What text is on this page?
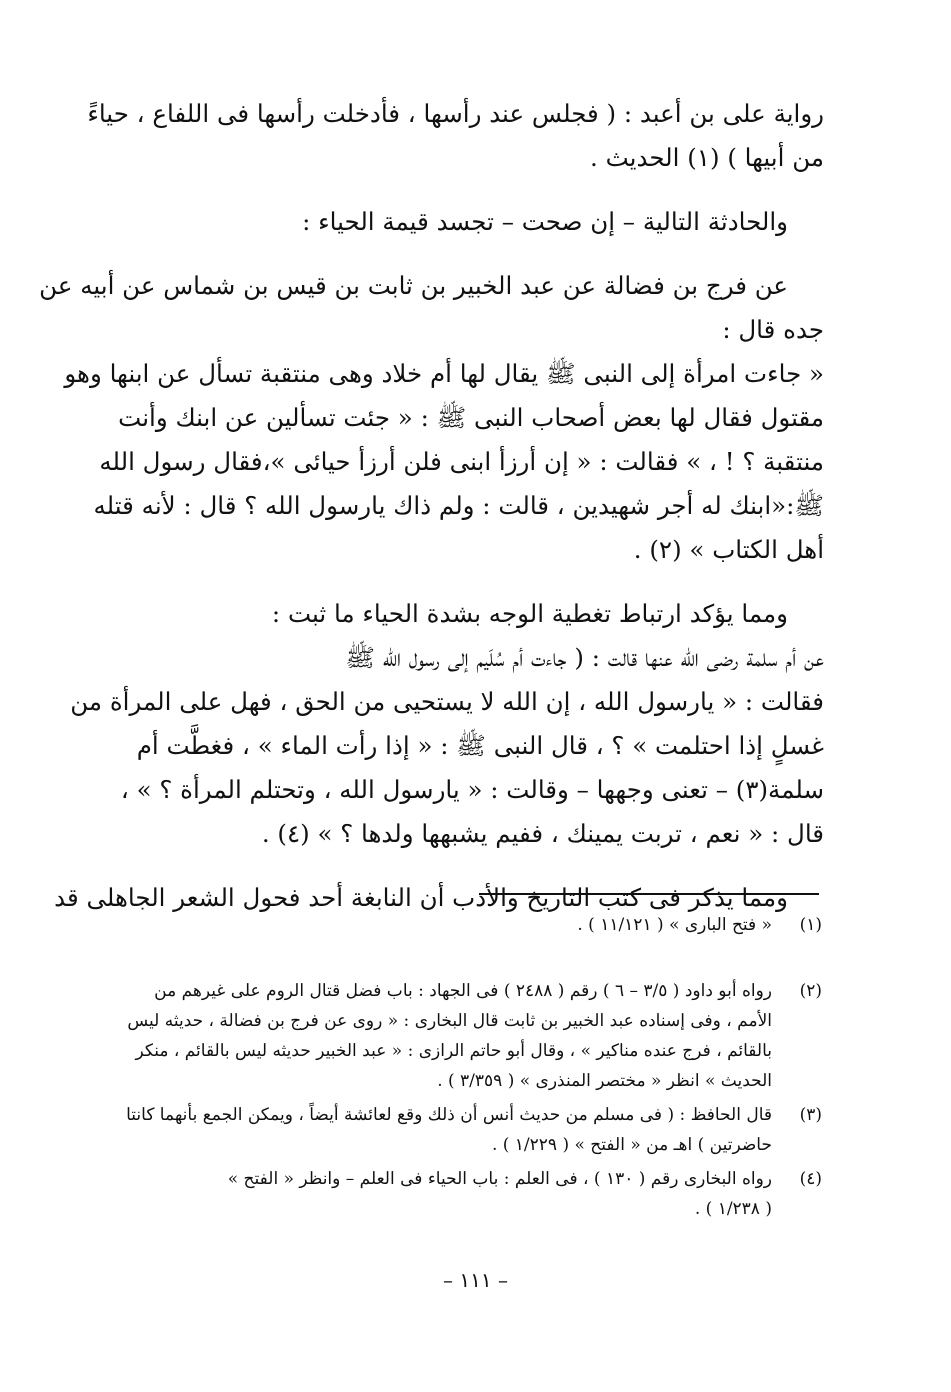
رواية على بن أعبد : ( فجلس عند رأسها ، فأدخلت رأسها فى اللفاع ، حياءً
من أبيها ) (١) الحديث .
والحادثة التالية – إن صحت – تجسد قيمة الحياء :
عن فرج بن فضالة عن عبد الخبير بن ثابت بن قيس بن شماس عن أبيه عن
جده قال :
« جاءت امرأة إلى النبى ﷺ يقال لها أم خلاد وهى منتقبة تسأل عن ابنها وهو
مقتول فقال لها بعض أصحاب النبى ﷺ : « جئت تسألين عن ابنك وأنت
منتقبة ؟ ! ، » فقالت : « إن أرزأ ابنى فلن أرزأ حيائى »،فقال رسول الله
ﷺ:«ابنك له أجر شهيدين ، قالت : ولم ذاك يارسول الله ؟ قال : لأنه قتله
أهل الكتاب » (٢) .
ومما يؤكد ارتباط تغطية الوجه بشدة الحياء ما ثبت :
عن أم سلمة رضى الله عنها قالت : ( جاءت أم سُلَيم إلى رسول الله ﷺ
فقالت : « يارسول الله ، إن الله لا يستحيى من الحق ، فهل على المرأة من
غسلٍ إذا احتلمت » ؟ ، قال النبى ﷺ : « إذا رأت الماء » ، فغطَّت أم
سلمة(٣) – تعنى وجهها – وقالت : « يارسول الله ، وتحتلم المرأة ؟ » ،
قال : « نعم ، تربت يمينك ، ففيم يشبهها ولدها ؟ » (٤) .
ومما يذكر فى كتب التاريخ والأدب أن النابغة أحد فحول الشعر الجاهلى قد
(١)
« فتح البارى » ( ١١/١٢١ ) .
(٢)
رواه أبو داود ( ٣/٥ – ٦ ) رقم ( ٢٤٨٨ ) فى الجهاد : باب فضل قتال الروم على غيرهم من
الأمم ، وفى إسناده عبد الخبير بن ثابت قال البخارى : « روى عن فرج بن فضالة ، حديثه ليس
بالقائم ، فرج عنده مناكير » ، وقال أبو حاتم الرازى : « عبد الخبير حديثه ليس بالقائم ، منكر
الحديث » انظر « مختصر المنذرى » ( ٣/٣٥٩ ) .
(٣)
قال الحافظ : ( فى مسلم من حديث أنس أن ذلك وقع لعائشة أيضاً ، ويمكن الجمع بأنهما كانتا
حاضرتين ) اهـ من « الفتح » ( ١/٢٢٩ ) .
(٤)
رواه البخارى رقم ( ١٣٠ ) ، فى العلم : باب الحياء فى العلم – وانظر « الفتح »
( ١/٢٣٨ ) .
– ١١١ –
